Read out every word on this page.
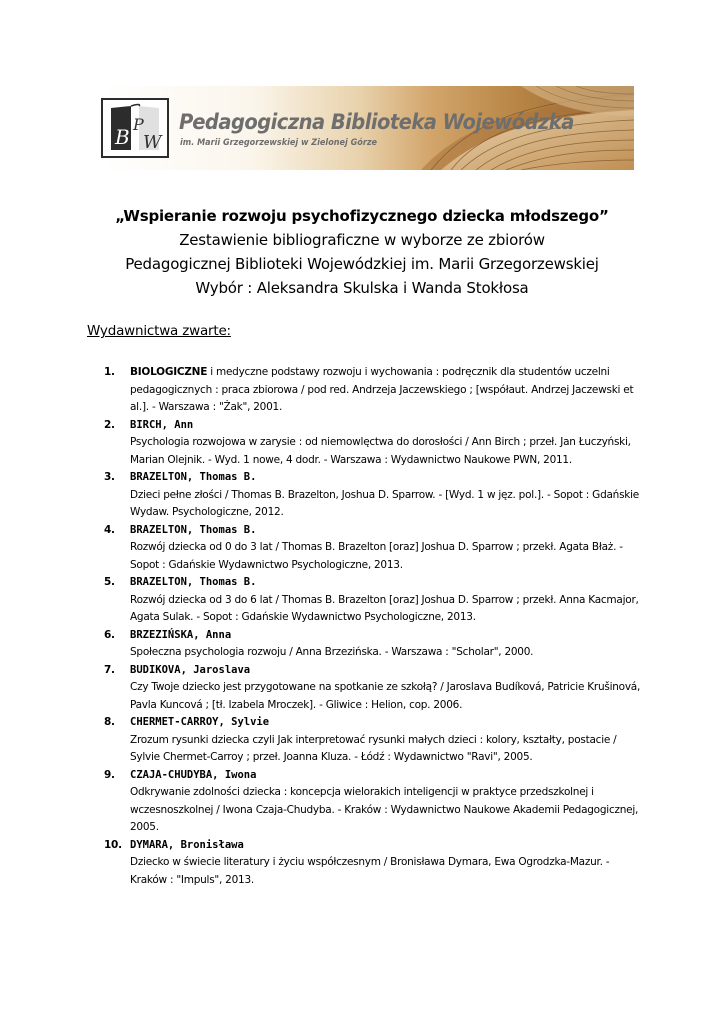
B
P
W
Pedagogiczna Biblioteka Wojewódzka
im. Marii Grzegorzewskiej w Zielonej Górze
„Wspieranie rozwoju psychofizycznego dziecka młodszego”
Zestawienie bibliograficzne w wyborze ze zbiorów
Pedagogicznej Biblioteki Wojewódzkiej im. Marii Grzegorzewskiej
Wybór : Aleksandra Skulska i Wanda Stokłosa
Wydawnictwa zwarte:
1. BIOLOGICZNE i medyczne podstawy rozwoju i wychowania : podręcznik dla studentów uczelni pedagogicznych : praca zbiorowa / pod red. Andrzeja Jaczewskiego ; [współaut. Andrzej Jaczewski et al.]. - Warszawa : "Żak", 2001.
2. BIRCH, Ann
Psychologia rozwojowa w zarysie : od niemowlęctwa do dorosłości / Ann Birch ; przeł. Jan Łuczyński, Marian Olejnik. - Wyd. 1 nowe, 4 dodr. - Warszawa : Wydawnictwo Naukowe PWN, 2011.
3. BRAZELTON, Thomas B.
Dzieci pełne złości / Thomas B. Brazelton, Joshua D. Sparrow. - [Wyd. 1 w jęz. pol.]. - Sopot : Gdańskie Wydaw. Psychologiczne, 2012.
4. BRAZELTON, Thomas B.
Rozwój dziecka od 0 do 3 lat / Thomas B. Brazelton [oraz] Joshua D. Sparrow ; przekł. Agata Błaż. - Sopot : Gdańskie Wydawnictwo Psychologiczne, 2013.
5. BRAZELTON, Thomas B.
Rozwój dziecka od 3 do 6 lat / Thomas B. Brazelton [oraz] Joshua D. Sparrow ; przekł. Anna Kacmajor, Agata Sulak. - Sopot : Gdańskie Wydawnictwo Psychologiczne, 2013.
6. BRZEZIŃSKA, Anna
Społeczna psychologia rozwoju / Anna Brzezińska. - Warszawa : "Scholar", 2000.
7. BUDIKOVA, Jaroslava
Czy Twoje dziecko jest przygotowane na spotkanie ze szkołą? / Jaroslava Budíková, Patricie Krušinová, Pavla Kuncová ; [tł. Izabela Mroczek]. - Gliwice : Helion, cop. 2006.
8. CHERMET-CARROY, Sylvie
Zrozum rysunki dziecka czyli Jak interpretować rysunki małych dzieci : kolory, kształty, postacie / Sylvie Chermet-Carroy ; przeł. Joanna Kluza. - Łódź : Wydawnictwo "Ravi", 2005.
9. CZAJA-CHUDYBA, Iwona
Odkrywanie zdolności dziecka : koncepcja wielorakich inteligencji w praktyce przedszkolnej i wczesnoszkolnej / Iwona Czaja-Chudyba. - Kraków : Wydawnictwo Naukowe Akademii Pedagogicznej, 2005.
10. DYMARA, Bronisława
Dziecko w świecie literatury i życiu współczesnym / Bronisława Dymara, Ewa Ogrodzka-Mazur. - Kraków : "Impuls", 2013.
